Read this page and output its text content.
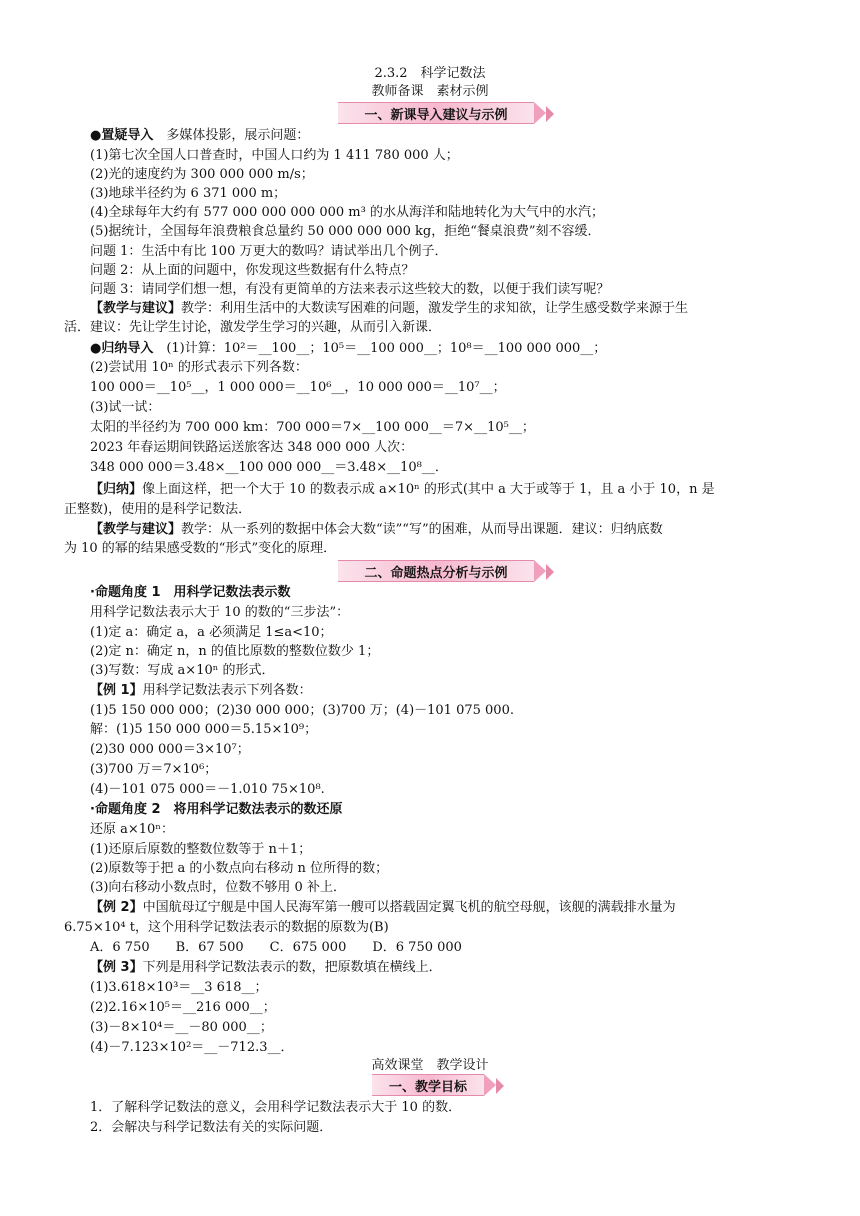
2.3.2　科学记数法
教师备课　素材示例
一、新课导入建议与示例
●置疑导入　多媒体投影，展示问题：
(1)第七次全国人口普查时，中国人口约为 1 411 780 000 人；
(2)光的速度约为 300 000 000 m/s；
(3)地球半径约为 6 371 000 m；
(4)全球每年大约有 577 000 000 000 000 m³ 的水从海洋和陆地转化为大气中的水汽；
(5)据统计，全国每年浪费粮食总量约 50 000 000 000 kg，拒绝“餐桌浪费”刻不容缓．
问题 1：生活中有比 100 万更大的数吗？请试举出几个例子．
问题 2：从上面的问题中，你发现这些数据有什么特点？
问题 3：请同学们想一想，有没有更简单的方法来表示这些较大的数，以便于我们读写呢？
【教学与建议】教学：利用生活中的大数读写困难的问题，激发学生的求知欲，让学生感受数学来源于生
活．建议：先让学生讨论，激发学生学习的兴趣，从而引入新课．
●归纳导入　(1)计算：10²＝__100__；10⁵＝__100 000__；10⁸＝__100 000 000__；
(2)尝试用 10ⁿ 的形式表示下列各数：
100 000＝__10⁵__，1 000 000＝__10⁶__，10 000 000＝__10⁷__；
(3)试一试：
太阳的半径约为 700 000 km：700 000＝7×__100 000__＝7×__10⁵__；
2023 年春运期间铁路运送旅客达 348 000 000 人次：
348 000 000＝3.48×__100 000 000__＝3.48×__10⁸__．
【归纳】像上面这样，把一个大于 10 的数表示成 a×10ⁿ 的形式(其中 a 大于或等于 1，且 a 小于 10，n 是
正整数)，使用的是科学记数法．
【教学与建议】教学：从一系列的数据中体会大数“读”“写”的困难，从而导出课题．建议：归纳底数
为 10 的幂的结果感受数的“形式”变化的原理．
二、命题热点分析与示例
·命题角度 1　用科学记数法表示数
用科学记数法表示大于 10 的数的“三步法”：
(1)定 a：确定 a，a 必须满足 1≤a<10；
(2)定 n：确定 n，n 的值比原数的整数位数少 1；
(3)写数：写成 a×10ⁿ 的形式．
【例 1】用科学记数法表示下列各数：
(1)5 150 000 000；(2)30 000 000；(3)700 万；(4)－101 075 000.
解：(1)5 150 000 000＝5.15×10⁹；
(2)30 000 000＝3×10⁷；
(3)700 万＝7×10⁶；
(4)－101 075 000＝－1.010 75×10⁸.
·命题角度 2　将用科学记数法表示的数还原
还原 a×10ⁿ：
(1)还原后原数的整数位数等于 n＋1；
(2)原数等于把 a 的小数点向右移动 n 位所得的数；
(3)向右移动小数点时，位数不够用 0 补上．
【例 2】中国航母辽宁舰是中国人民海军第一艘可以搭载固定翼飞机的航空母舰，该舰的满载排水量为
6.75×10⁴ t，这个用科学记数法表示的数据的原数为(B)
A．6 750　　B．67 500　　C．675 000　　D．6 750 000
【例 3】下列是用科学记数法表示的数，把原数填在横线上．
(1)3.618×10³＝__3 618__；
(2)2.16×10⁵＝__216 000__；
(3)－8×10⁴＝__－80 000__；
(4)－7.123×10²＝__－712.3__．
高效课堂　教学设计
一、教学目标
1．了解科学记数法的意义，会用科学记数法表示大于 10 的数．
2．会解决与科学记数法有关的实际问题．
